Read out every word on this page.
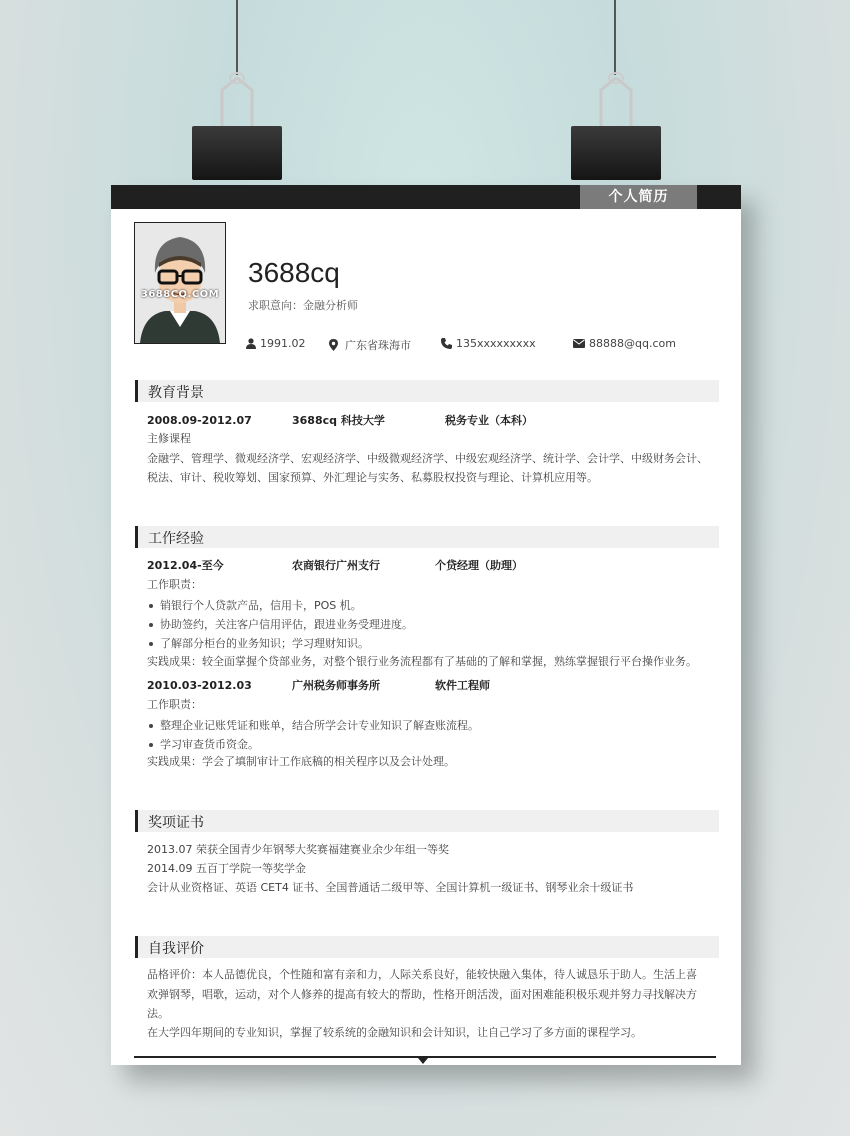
个人简历
3688CQ.COM
3688cq
求职意向：金融分析师
1991.02	广东省珠海市	135xxxxxxxxx	88888@qq.com
教育背景
2008.09-2012.07	3688cq 科技大学	税务专业（本科）
主修课程
金融学、管理学、微观经济学、宏观经济学、中级微观经济学、中级宏观经济学、统计学、会计学、中级财务会计、
税法、审计、税收筹划、国家预算、外汇理论与实务、私募股权投资与理论、计算机应用等。
工作经验
2012.04-至今	农商银行广州支行	个贷经理（助理）
工作职责：
销银行个人贷款产品，信用卡，POS 机。
协助签约，关注客户信用评估，跟进业务受理进度。
了解部分柜台的业务知识；学习理财知识。
实践成果：较全面掌握个贷部业务，对整个银行业务流程都有了基础的了解和掌握，熟练掌握银行平台操作业务。
2010.03-2012.03	广州税务师事务所	软件工程师
工作职责：
整理企业记账凭证和账单，结合所学会计专业知识了解查账流程。
学习审查货币资金。
实践成果：学会了填制审计工作底稿的相关程序以及会计处理。
奖项证书
2013.07 荣获全国青少年钢琴大奖赛福建赛业余少年组一等奖
2014.09 五百丁学院一等奖学金
会计从业资格证、英语 CET4 证书、全国普通话二级甲等、全国计算机一级证书、钢琴业余十级证书
自我评价
品格评价：本人品德优良，个性随和富有亲和力，人际关系良好，能较快融入集体，待人诚恳乐于助人。生活上喜
欢弹钢琴，唱歌，运动，对个人修养的提高有较大的帮助，性格开朗活泼，面对困难能积极乐观并努力寻找解决方
法。
在大学四年期间的专业知识，掌握了较系统的金融知识和会计知识，让自己学习了多方面的课程学习。
